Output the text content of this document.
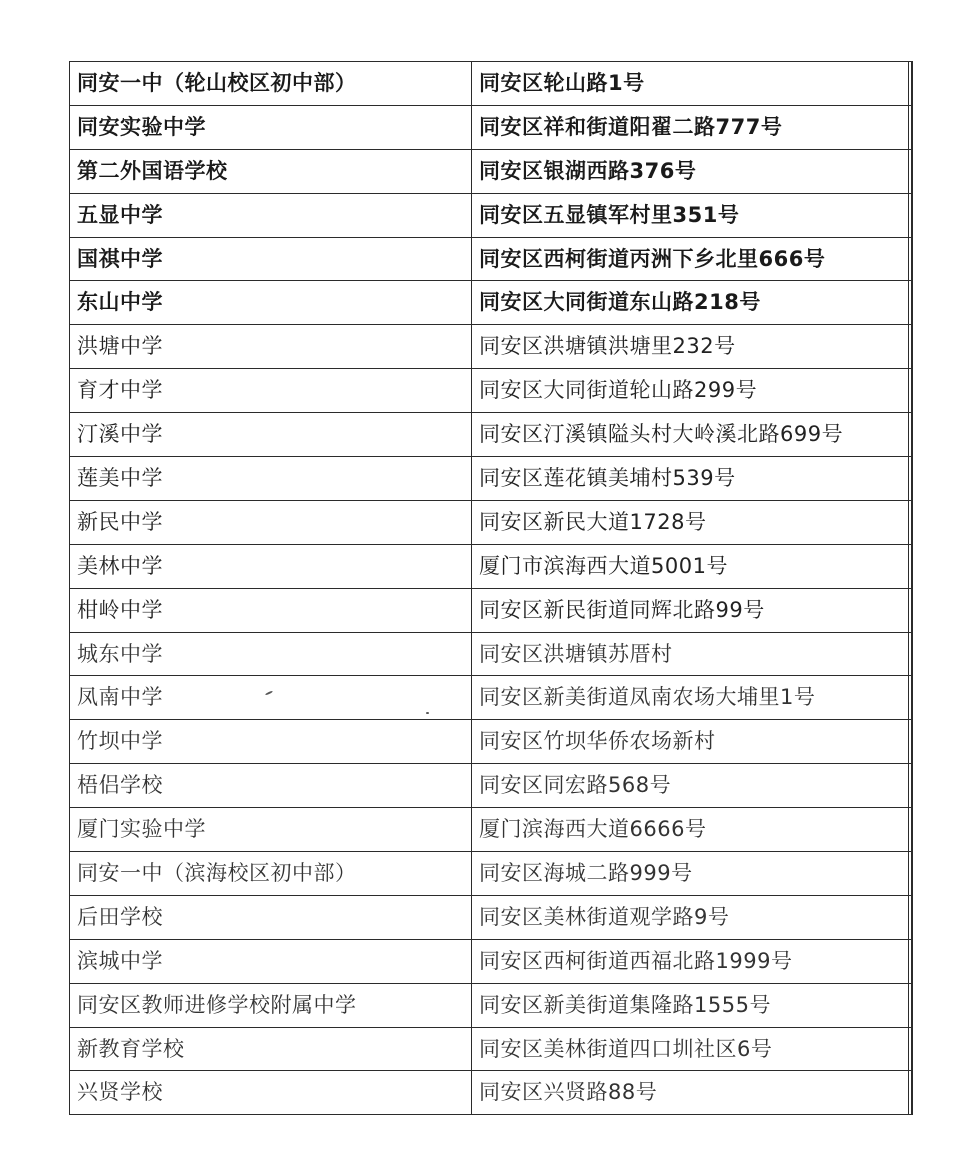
同安一中（轮山校区初中部）	同安区轮山路1号
同安实验中学	同安区祥和街道阳翟二路777号
第二外国语学校	同安区银湖西路376号
五显中学	同安区五显镇军村里351号
国祺中学	同安区西柯街道丙洲下乡北里666号
东山中学	同安区大同街道东山路218号
洪塘中学	同安区洪塘镇洪塘里232号
育才中学	同安区大同街道轮山路299号
汀溪中学	同安区汀溪镇隘头村大岭溪北路699号
莲美中学	同安区莲花镇美埔村539号
新民中学	同安区新民大道1728号
美林中学	厦门市滨海西大道5001号
柑岭中学	同安区新民街道同辉北路99号
城东中学	同安区洪塘镇苏厝村
凤南中学	同安区新美街道凤南农场大埔里1号
竹坝中学	同安区竹坝华侨农场新村
梧侣学校	同安区同宏路568号
厦门实验中学	厦门滨海西大道6666号
同安一中（滨海校区初中部）	同安区海城二路999号
后田学校	同安区美林街道观学路9号
滨城中学	同安区西柯街道西福北路1999号
同安区教师进修学校附属中学	同安区新美街道集隆路1555号
新教育学校	同安区美林街道四口圳社区6号
兴贤学校	同安区兴贤路88号
